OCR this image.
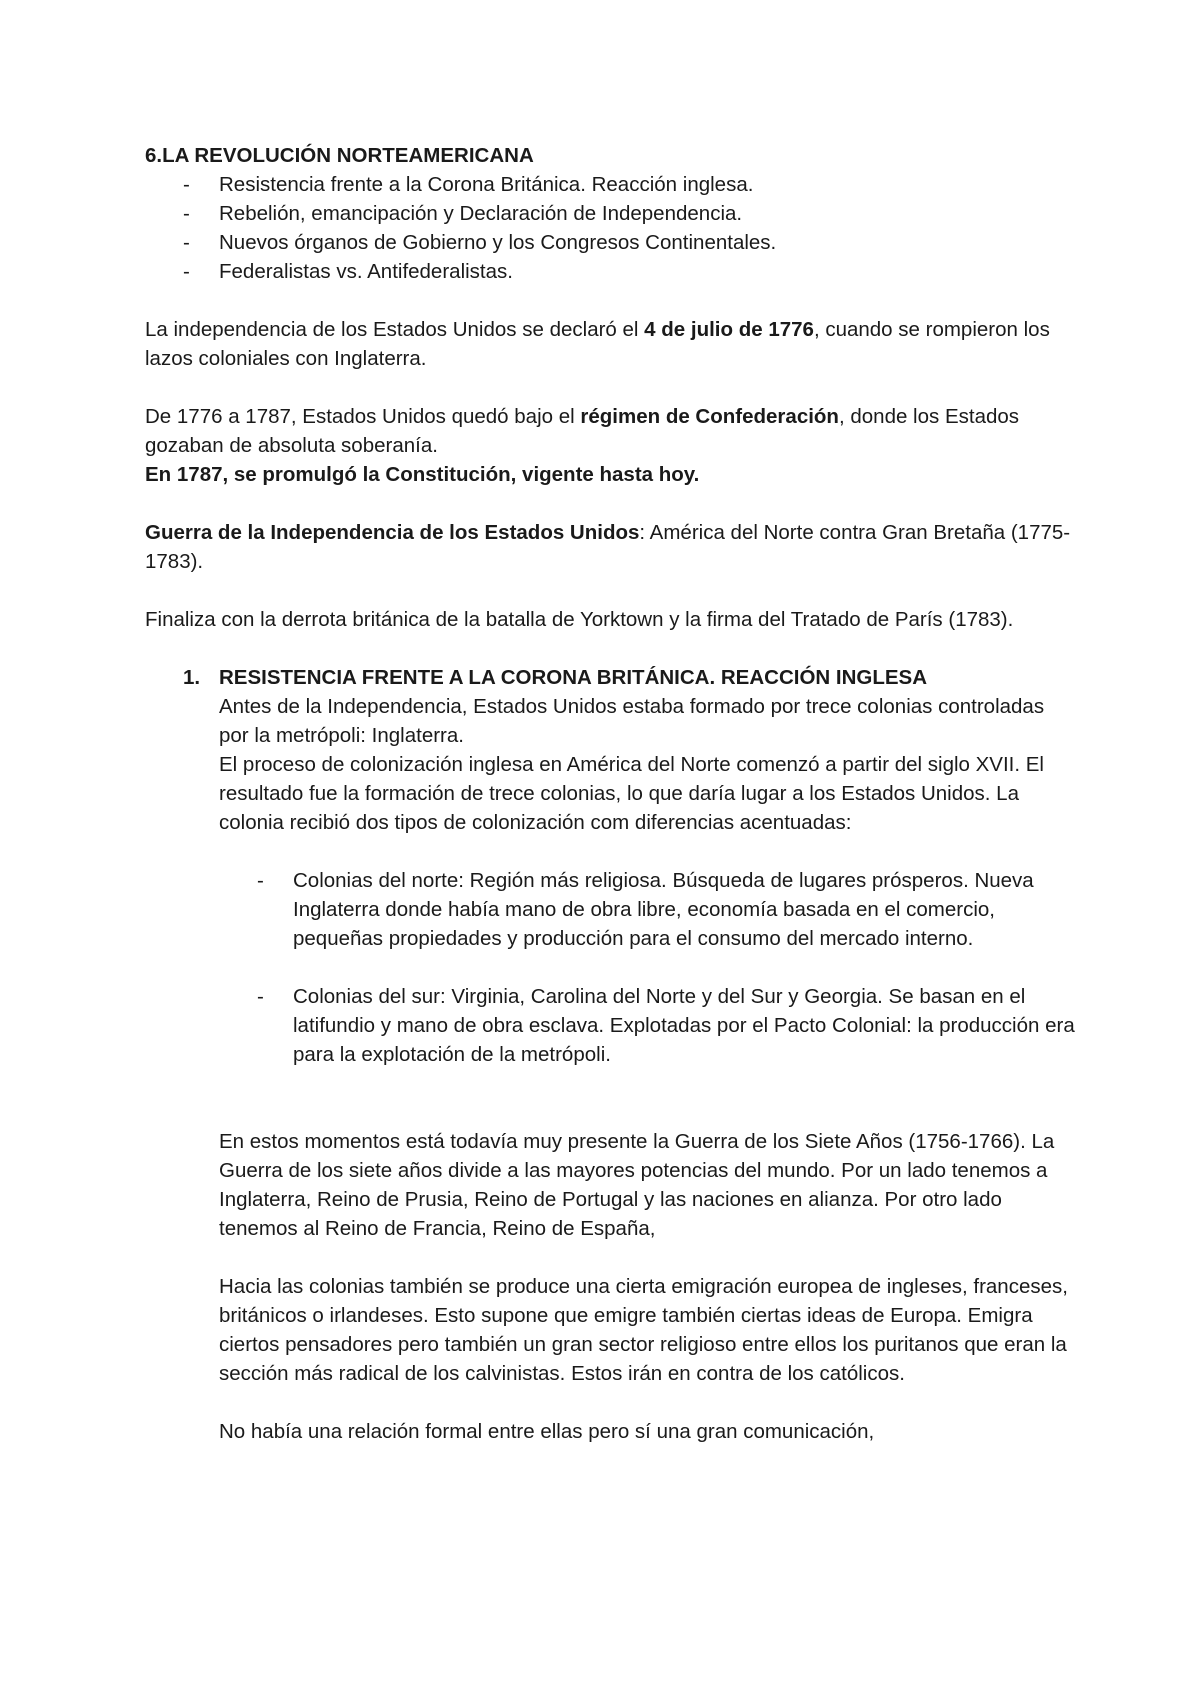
6.LA REVOLUCIÓN NORTEAMERICANA

- Resistencia frente a la Corona Británica. Reacción inglesa.
- Rebelión, emancipación y Declaración de Independencia.
- Nuevos órganos de Gobierno y los Congresos Continentales.
- Federalistas vs. Antifederalistas.

La independencia de los Estados Unidos se declaró el 4 de julio de 1776, cuando se rompieron los lazos coloniales con Inglaterra.

De 1776 a 1787, Estados Unidos quedó bajo el régimen de Confederación, donde los Estados gozaban de absoluta soberanía.

En 1787, se promulgó la Constitución, vigente hasta hoy.

Guerra de la Independencia de los Estados Unidos: América del Norte contra Gran Bretaña (1775-1783).

Finaliza con la derrota británica de la batalla de Yorktown y la firma del Tratado de París (1783).

1. RESISTENCIA FRENTE A LA CORONA BRITÁNICA. REACCIÓN INGLESA

Antes de la Independencia, Estados Unidos estaba formado por trece colonias controladas por la metrópoli: Inglaterra.

El proceso de colonización inglesa en América del Norte comenzó a partir del siglo XVII. El resultado fue la formación de trece colonias, lo que daría lugar a los Estados Unidos. La colonia recibió dos tipos de colonización com diferencias acentuadas:

- Colonias del norte: Región más religiosa. Búsqueda de lugares prósperos. Nueva Inglaterra donde había mano de obra libre, economía basada en el comercio, pequeñas propiedades y producción para el consumo del mercado interno.
- Colonias del sur: Virginia, Carolina del Norte y del Sur y Georgia. Se basan en el latifundio y mano de obra esclava. Explotadas por el Pacto Colonial: la producción era para la explotación de la metrópoli.

En estos momentos está todavía muy presente la Guerra de los Siete Años (1756-1766). La Guerra de los siete años divide a las mayores potencias del mundo. Por un lado tenemos a Inglaterra, Reino de Prusia, Reino de Portugal y las naciones en alianza. Por otro lado tenemos al Reino de Francia, Reino de España,

Hacia las colonias también se produce una cierta emigración europea de ingleses, franceses, británicos o irlandeses. Esto supone que emigre también ciertas ideas de Europa. Emigra ciertos pensadores pero también un gran sector religioso entre ellos los puritanos que eran la sección más radical de los calvinistas. Estos irán en contra de los católicos.

No había una relación formal entre ellas pero sí una gran comunicación,
